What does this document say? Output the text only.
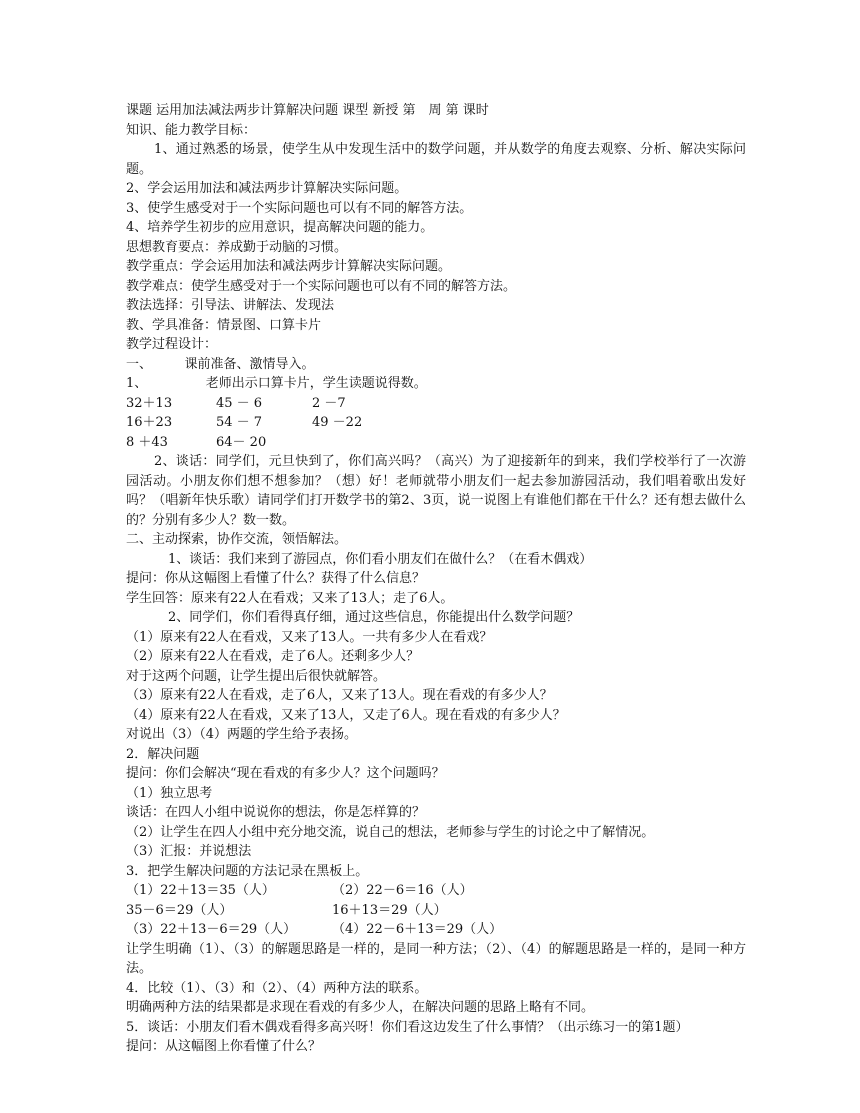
课题 运用加法减法两步计算解决问题 课型 新授 第　周 第 课时

知识、能力教学目标：

1、通过熟悉的场景，使学生从中发现生活中的数学问题，并从数学的角度去观察、分析、解决实际问题。

2、学会运用加法和减法两步计算解决实际问题。

3、使学生感受对于一个实际问题也可以有不同的解答方法。

4、培养学生初步的应用意识，提高解决问题的能力。

思想教育要点：养成勤于动脑的习惯。

教学重点：学会运用加法和减法两步计算解决实际问题。

教学难点：使学生感受对于一个实际问题也可以有不同的解答方法。

教法选择：引导法、讲解法、发现法

教、学具准备：情景图、口算卡片

教学过程设计：

一、　　　课前准备、激情导入。

1、　　　　　老师出示口算卡片，学生读题说得数。

32＋13	45 － 6	2 －7
16＋23	54 － 7	49 －22
8 ＋43	64－ 20

2、谈话：同学们，元旦快到了，你们高兴吗？（高兴）为了迎接新年的到来，我们学校举行了一次游园活动。小朋友你们想不想参加？（想）好！老师就带小朋友们一起去参加游园活动，我们唱着歌出发好吗？（唱新年快乐歌）请同学们打开数学书的第2、3页，说一说图上有谁他们都在干什么？还有想去做什么的？分别有多少人？数一数。

二、主动探索，协作交流，领悟解法。

1、谈话：我们来到了游园点，你们看小朋友们在做什么？（在看木偶戏）

提问：你从这幅图上看懂了什么？获得了什么信息？

学生回答：原来有22人在看戏；又来了13人；走了6人。

2、同学们，你们看得真仔细，通过这些信息，你能提出什么数学问题？

（1）原来有22人在看戏，又来了13人。一共有多少人在看戏？

（2）原来有22人在看戏，走了6人。还剩多少人？

对于这两个问题，让学生提出后很快就解答。

（3）原来有22人在看戏，走了6人，又来了13人。现在看戏的有多少人？

（4）原来有22人在看戏，又来了13人，又走了6人。现在看戏的有多少人？

对说出（3）（4）两题的学生给予表扬。

2．解决问题

提问：你们会解决“现在看戏的有多少人？这个问题吗？

（1）独立思考

谈话：在四人小组中说说你的想法，你是怎样算的？

（2）让学生在四人小组中充分地交流，说自己的想法，老师参与学生的讨论之中了解情况。

（3）汇报：并说想法

3．把学生解决问题的方法记录在黑板上。

（1）22＋13＝35（人）	（2）22－6＝16（人）
35－6＝29（人）	16＋13＝29（人）
（3）22＋13－6＝29（人）	（4）22－6＋13＝29（人）

让学生明确（1）、（3）的解题思路是一样的，是同一种方法；（2）、（4）的解题思路是一样的，是同一种方法。

4．比较（1）、（3）和（2）、（4）两种方法的联系。

明确两种方法的结果都是求现在看戏的有多少人，在解决问题的思路上略有不同。

5．谈话：小朋友们看木偶戏看得多高兴呀！你们看这边发生了什么事情？（出示练习一的第1题）

提问：从这幅图上你看懂了什么？
